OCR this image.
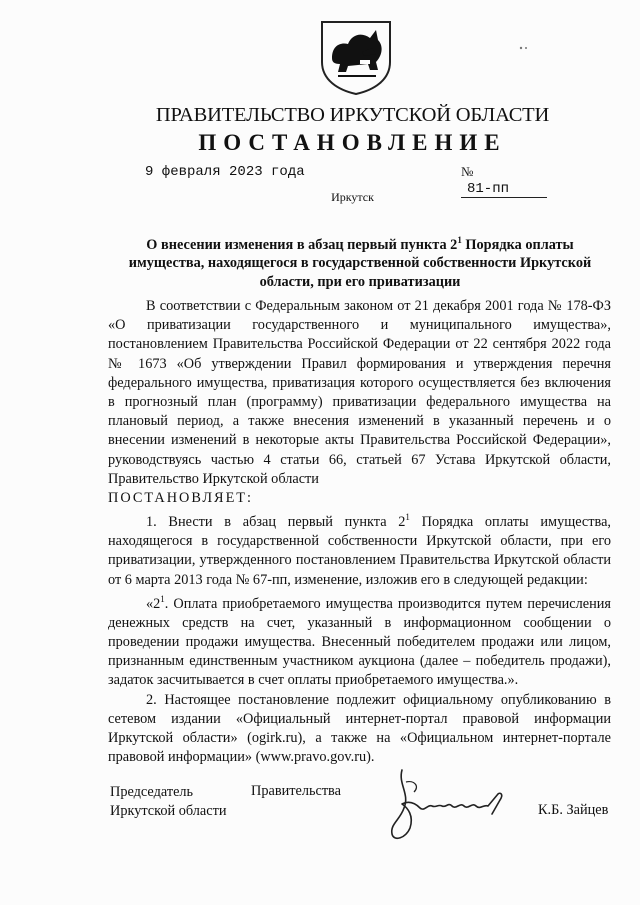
ПРАВИТЕЛЬСТВО ИРКУТСКОЙ ОБЛАСТИ
ПОСТАНОВЛЕНИЕ
9 февраля 2023 года	№ 81-пп
Иркутск
О внесении изменения в абзац первый пункта $2^1$ Порядка оплаты имущества, находящегося в государственной собственности Иркутской области, при его приватизации

В соответствии с Федеральным законом от 21 декабря 2001 года № 178-ФЗ «О приватизации государственного и муниципального имущества», постановлением Правительства Российской Федерации от 22 сентября 2022 года № 1673 «Об утверждении Правил формирования и утверждения перечня федерального имущества, приватизация которого осуществляется без включения в прогнозный план (программу) приватизации федерального имущества на плановый период, а также внесения изменений в указанный перечень и о внесении изменений в некоторые акты Правительства Российской Федерации», руководствуясь частью 4 статьи 66, статьей 67 Устава Иркутской области, Правительство Иркутской области

ПОСТАНОВЛЯЕТ:

1. Внести в абзац первый пункта $2^1$ Порядка оплаты имущества, находящегося в государственной собственности Иркутской области, при его приватизации, утвержденного постановлением Правительства Иркутской области от 6 марта 2013 года № 67-пп, изменение, изложив его в следующей редакции:

«$2^1$. Оплата приобретаемого имущества производится путем перечисления денежных средств на счет, указанный в информационном сообщении о проведении продажи имущества. Внесенный победителем продажи или лицом, признанным единственным участником аукциона (далее – победитель продажи), задаток засчитывается в счет оплаты приобретаемого имущества.».

2. Настоящее постановление подлежит официальному опубликованию в сетевом издании «Официальный интернет-портал правовой информации Иркутской области» (ogirk.ru), а также на «Официальном интернет-портале правовой информации» (www.pravo.gov.ru).

Председатель
Иркутской области
Правительства
К.Б. Зайцев
